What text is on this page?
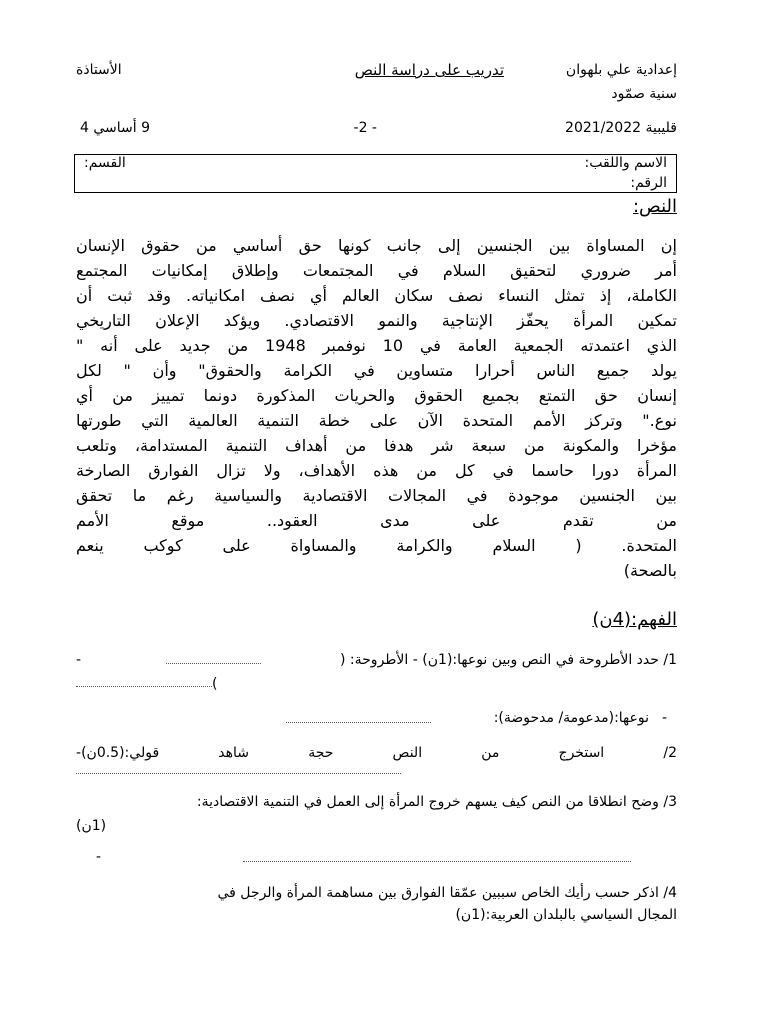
إعدادية علي بلهوان
تدريب على دراسة النص
الأستاذة
سنية صمّود
قليبية 2021/2022
- 2-
9 أساسي 4
الاسم واللقب:
القسم:
الرقم:
النص:
إن المساواة بين الجنسين إلى جانب كونها حق أساسي من حقوق الإنسان
أمر ضروري لتحقيق السلام في المجتمعات وإطلاق إمكانيات المجتمع
الكاملة، إذ تمثل النساء نصف سكان العالم أي نصف امكانياته. وقد ثبت أن
تمكين المرأة يحفّز الإنتاجية والنمو الاقتصادي. ويؤكد الإعلان التاريخي
الذي اعتمدته الجمعية العامة في 10 نوفمبر 1948 من جديد على أنه "
يولد جميع الناس أحرارا متساوين في الكرامة والحقوق" وأن " لكل
إنسان حق التمتع بجميع الحقوق والحريات المذكورة دونما تمييز من أي
نوع." وتركز الأمم المتحدة الآن على خطة التنمية العالمية التي طورتها
مؤخرا والمكونة من سبعة شر هدفا من أهداف التنمية المستدامة، وتلعب
المرأة دورا حاسما في كل من هذه الأهداف، ولا تزال الفوارق الصارخة
بين الجنسين موجودة في المجالات الاقتصادية والسياسية رغم ما تحقق
من تقدم على مدى العقود.. موقع الأمم
المتحدة. ( السلام والكرامة والمساواة على كوكب ينعم
بالصحة)
الفهم:(4ن)
1/ حدد الأطروحة في النص وبين نوعها:(1ن) - الأطروحة: (
-
)
-
نوعها:(مدعومة/ مدحوضة):
2/
استخرج
من
النص
حجة
شاهد
قولي:(0.5ن)-
3/ وضح انطلاقا من النص كيف يسهم خروج المرأة إلى العمل في التنمية الاقتصادية:
(1ن)
-
4/ اذكر حسب رأيك الخاص سببين عمّقا الفوارق بين مساهمة المرأة والرجل في
المجال السياسي بالبلدان العربية:(1ن)
